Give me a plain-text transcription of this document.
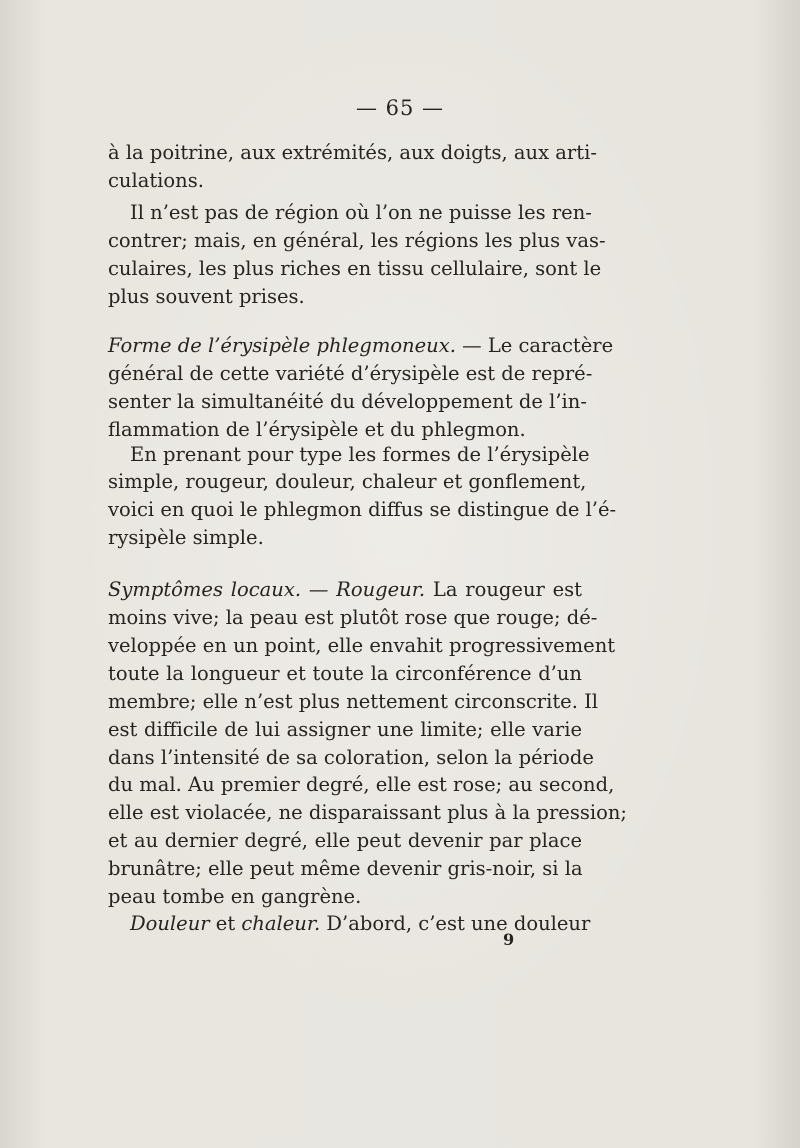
— 65 —
à la poitrine, aux extrémités, aux doigts, aux arti-
culations.
Il n’est pas de région où l’on ne puisse les ren-
contrer; mais, en général, les régions les plus vas-
culaires, les plus riches en tissu cellulaire, sont le
plus souvent prises.
Forme de l’érysipèle phlegmoneux. — Le caractère
général de cette variété d’érysipèle est de repré-
senter la simultanéité du développement de l’in-
flammation de l’érysipèle et du phlegmon.
En prenant pour type les formes de l’érysipèle
simple, rougeur, douleur, chaleur et gonflement,
voici en quoi le phlegmon diffus se distingue de l’é-
rysipèle simple.
Symptômes locaux. — Rougeur. La rougeur est
moins vive; la peau est plutôt rose que rouge; dé-
veloppée en un point, elle envahit progressivement
toute la longueur et toute la circonférence d’un
membre; elle n’est plus nettement circonscrite. Il
est difficile de lui assigner une limite; elle varie
dans l’intensité de sa coloration, selon la période
du mal. Au premier degré, elle est rose; au second,
elle est violacée, ne disparaissant plus à la pression;
et au dernier degré, elle peut devenir par place
brunâtre; elle peut même devenir gris-noir, si la
peau tombe en gangrène.
Douleur et chaleur. D’abord, c’est une douleur
9
